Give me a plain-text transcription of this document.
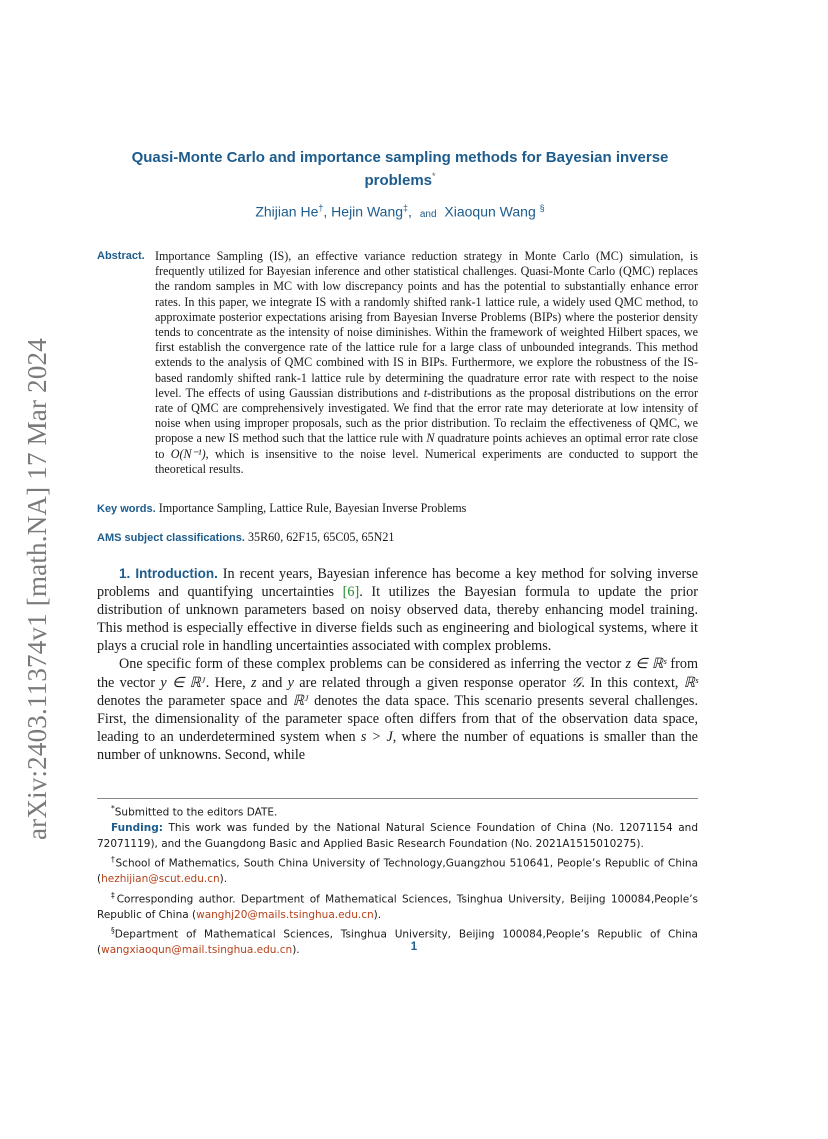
arXiv:2403.11374v1 [math.NA] 17 Mar 2024
Quasi-Monte Carlo and importance sampling methods for Bayesian inverse problems*
Zhijian He†, Hejin Wang‡, and Xiaoqun Wang §
Abstract. Importance Sampling (IS), an effective variance reduction strategy in Monte Carlo (MC) simulation, is frequently utilized for Bayesian inference and other statistical challenges. Quasi-Monte Carlo (QMC) replaces the random samples in MC with low discrepancy points and has the potential to substantially enhance error rates. In this paper, we integrate IS with a randomly shifted rank-1 lattice rule, a widely used QMC method, to approximate posterior expectations arising from Bayesian Inverse Problems (BIPs) where the posterior density tends to concentrate as the intensity of noise diminishes. Within the framework of weighted Hilbert spaces, we first establish the convergence rate of the lattice rule for a large class of unbounded integrands. This method extends to the analysis of QMC combined with IS in BIPs. Furthermore, we explore the robustness of the IS-based randomly shifted rank-1 lattice rule by determining the quadrature error rate with respect to the noise level. The effects of using Gaussian distributions and t-distributions as the proposal distributions on the error rate of QMC are comprehensively investigated. We find that the error rate may deteriorate at low intensity of noise when using improper proposals, such as the prior distribution. To reclaim the effectiveness of QMC, we propose a new IS method such that the lattice rule with N quadrature points achieves an optimal error rate close to O(N⁻¹), which is insensitive to the noise level. Numerical experiments are conducted to support the theoretical results.
Key words. Importance Sampling, Lattice Rule, Bayesian Inverse Problems
AMS subject classifications. 35R60, 62F15, 65C05, 65N21

1. Introduction. In recent years, Bayesian inference has become a key method for solving inverse problems and quantifying uncertainties [6]. It utilizes the Bayesian formula to update the prior distribution of unknown parameters based on noisy observed data, thereby enhancing model training. This method is especially effective in diverse fields such as engineering and biological systems, where it plays a crucial role in handling uncertainties associated with complex problems.

One specific form of these complex problems can be considered as inferring the vector z ∈ ℝˢ from the vector y ∈ ℝᴶ. Here, z and y are related through a given response operator 𝒢. In this context, ℝˢ denotes the parameter space and ℝᴶ denotes the data space. This scenario presents several challenges. First, the dimensionality of the parameter space often differs from that of the observation data space, leading to an underdetermined system when s > J, where the number of equations is smaller than the number of unknowns. Second, while

*Submitted to the editors DATE.

Funding: This work was funded by the National Natural Science Foundation of China (No. 12071154 and 72071119), and the Guangdong Basic and Applied Basic Research Foundation (No. 2021A1515010275).

†School of Mathematics, South China University of Technology,Guangzhou 510641, People’s Republic of China (hezhijian@scut.edu.cn).

‡Corresponding author. Department of Mathematical Sciences, Tsinghua University, Beijing 100084,People’s Republic of China (wanghj20@mails.tsinghua.edu.cn).

§Department of Mathematical Sciences, Tsinghua University, Beijing 100084,People’s Republic of China (wangxiaoqun@mail.tsinghua.edu.cn).	1
